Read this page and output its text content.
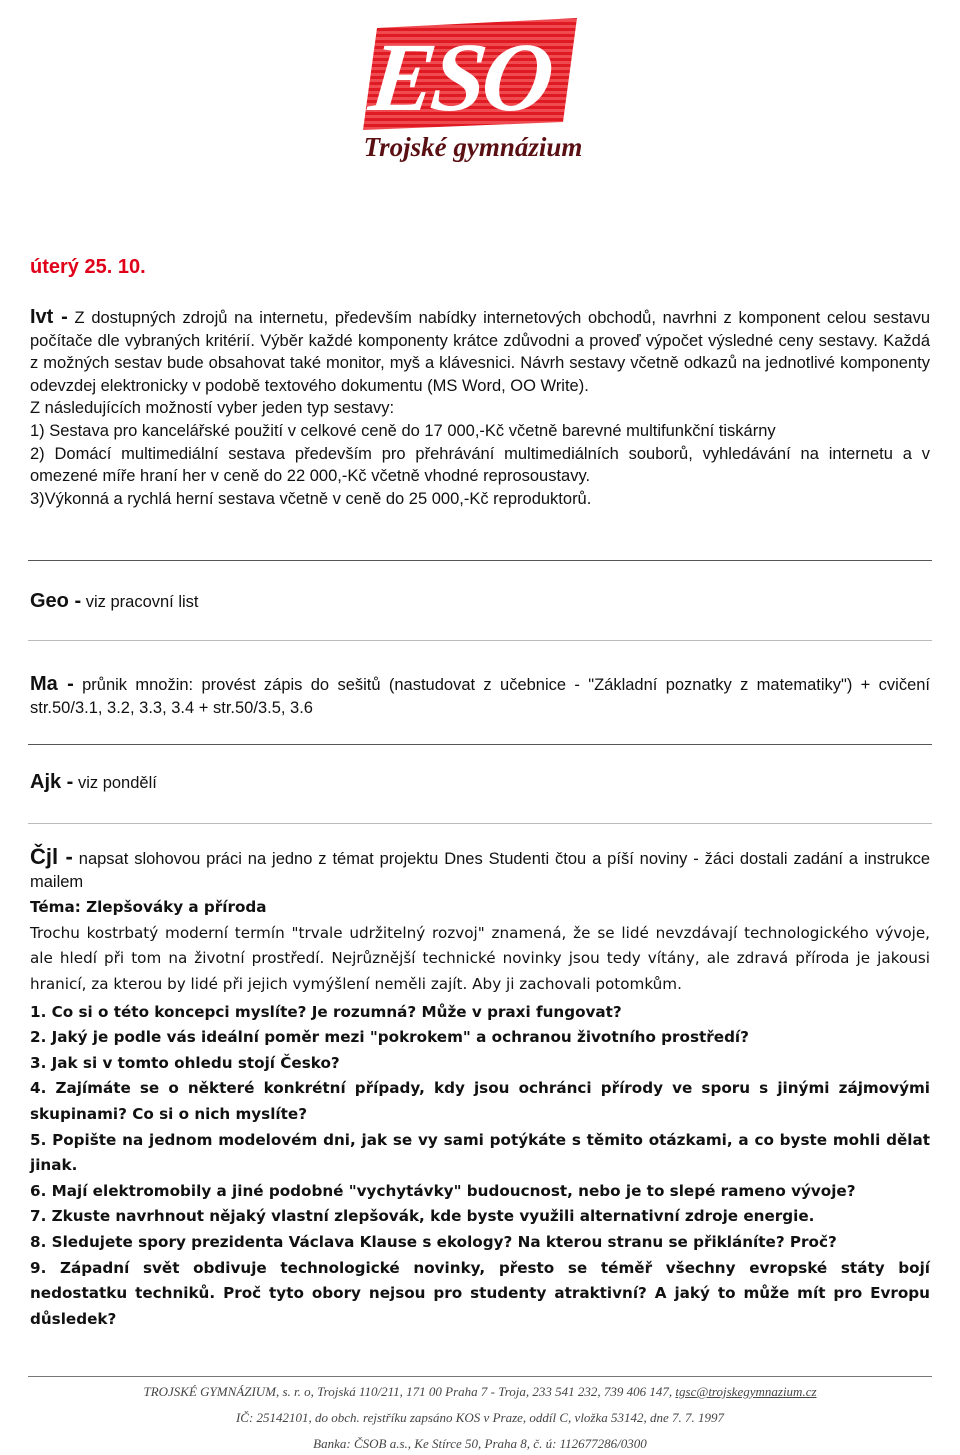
ESO
Trojské gymnázium
úterý 25. 10.
Ivt - Z dostupných zdrojů na internetu, především nabídky internetových obchodů, navrhni z komponent celou sestavu počítače dle vybraných kritérií. Výběr každé komponenty krátce zdůvodni a proveď výpočet výsledné ceny sestavy. Každá z možných sestav bude obsahovat také monitor, myš a klávesnici. Návrh sestavy včetně odkazů na jednotlivé komponenty odevzdej elektronicky v podobě textového dokumentu (MS Word, OO Write).
Z následujících možností vyber jeden typ sestavy:
1) Sestava pro kancelářské použití v celkové ceně do 17 000,-Kč včetně barevné multifunkční tiskárny
2) Domácí multimediální sestava především pro přehrávání multimediálních souborů, vyhledávání na internetu a v omezené míře hraní her v ceně do 22 000,-Kč včetně vhodné reprosoustavy.
3)Výkonná a rychlá herní sestava včetně v ceně do 25 000,-Kč reproduktorů.
Geo - viz pracovní list
Ma - průnik množin: provést zápis do sešitů (nastudovat z učebnice - "Základní poznatky z matematiky") + cvičení str.50/3.1, 3.2, 3.3, 3.4 + str.50/3.5, 3.6
Ajk - viz pondělí
Čjl - napsat slohovou práci na jedno z témat projektu Dnes Studenti čtou a píší noviny - žáci dostali zadání a instrukce mailem
Téma: Zlepšováky a příroda
Trochu kostrbatý moderní termín "trvale udržitelný rozvoj" znamená, že se lidé nevzdávají technologického vývoje, ale hledí při tom na životní prostředí. Nejrůznější technické novinky jsou tedy vítány, ale zdravá příroda je jakousi hranicí, za kterou by lidé při jejich vymýšlení neměli zajít. Aby ji zachovali potomkům.
1. Co si o této koncepci myslíte? Je rozumná? Může v praxi fungovat?
2. Jaký je podle vás ideální poměr mezi "pokrokem" a ochranou životního prostředí?
3. Jak si v tomto ohledu stojí Česko?
4. Zajímáte se o některé konkrétní případy, kdy jsou ochránci přírody ve sporu s jinými zájmovými skupinami? Co si o nich myslíte?
5. Popište na jednom modelovém dni, jak se vy sami potýkáte s těmito otázkami, a co byste mohli dělat jinak.
6. Mají elektromobily a jiné podobné "vychytávky" budoucnost, nebo je to slepé rameno vývoje?
7. Zkuste navrhnout nějaký vlastní zlepšovák, kde byste využili alternativní zdroje energie.
8. Sledujete spory prezidenta Václava Klause s ekology? Na kterou stranu se přikláníte? Proč?
9. Západní svět obdivuje technologické novinky, přesto se téměř všechny evropské státy bojí nedostatku techniků. Proč tyto obory nejsou pro studenty atraktivní? A jaký to může mít pro Evropu důsledek?
TROJSKÉ GYMNÁZIUM, s. r. o, Trojská 110/211, 171 00 Praha 7 - Troja, 233 541 232, 739 406 147, tgsc@trojskegymnazium.cz
IČ: 25142101, do obch. rejstříku zapsáno KOS v Praze, oddíl C, vložka 53142, dne 7. 7. 1997
Banka: ČSOB a.s., Ke Stírce 50, Praha 8, č. ú: 112677286/0300
